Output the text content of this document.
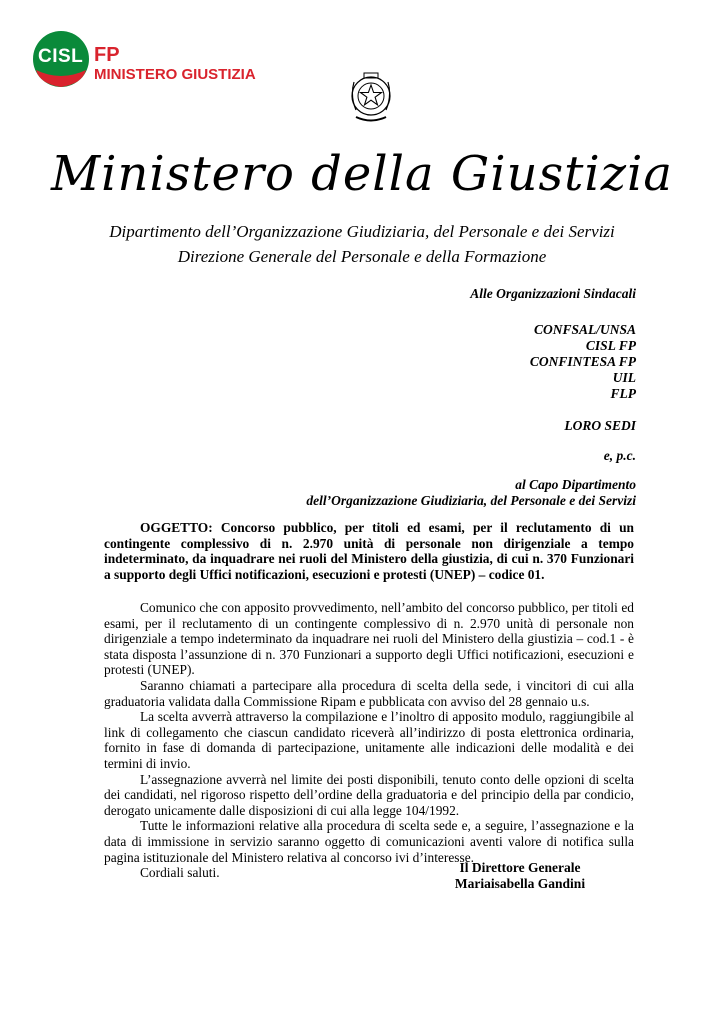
CISL FP
MINISTERO GIUSTIZIA
Ministero della Giustizia
Dipartimento dell’Organizzazione Giudiziaria, del Personale e dei Servizi
Direzione Generale del Personale e della Formazione
Alle Organizzazioni Sindacali
CONFSAL/UNSA
CISL FP
CONFINTESA FP
UIL
FLP
LORO SEDI
e, p.c.
al Capo Dipartimento
dell’Organizzazione Giudiziaria, del Personale e dei Servizi

OGGETTO: Concorso pubblico, per titoli ed esami, per il reclutamento di un contingente complessivo di n. 2.970 unità di personale non dirigenziale a tempo indeterminato, da inquadrare nei ruoli del Ministero della giustizia, di cui n. 370 Funzionari a supporto degli Uffici notificazioni, esecuzioni e protesti (UNEP) – codice 01.

Comunico che con apposito provvedimento, nell’ambito del concorso pubblico, per titoli ed esami, per il reclutamento di un contingente complessivo di n. 2.970 unità di personale non dirigenziale a tempo indeterminato da inquadrare nei ruoli del Ministero della giustizia – cod.1 - è stata disposta l’assunzione di n. 370 Funzionari a supporto degli Uffici notificazioni, esecuzioni e protesti (UNEP).

Saranno chiamati a partecipare alla procedura di scelta della sede, i vincitori di cui alla graduatoria validata dalla Commissione Ripam e pubblicata con avviso del 28 gennaio u.s.

La scelta avverrà attraverso la compilazione e l’inoltro di apposito modulo, raggiungibile al link di collegamento che ciascun candidato riceverà all’indirizzo di posta elettronica ordinaria, fornito in fase di domanda di partecipazione, unitamente alle indicazioni delle modalità e dei termini di invio.

L’assegnazione avverrà nel limite dei posti disponibili, tenuto conto delle opzioni di scelta dei candidati, nel rigoroso rispetto dell’ordine della graduatoria e del principio della par condicio, derogato unicamente dalle disposizioni di cui alla legge 104/1992.

Tutte le informazioni relative alla procedura di scelta sede e, a seguire, l’assegnazione e la data di immissione in servizio saranno oggetto di comunicazioni aventi valore di notifica sulla pagina istituzionale del Ministero relativa al concorso ivi d’interesse.

Cordiali saluti.	Il Direttore Generale
Mariaisabella Gandini
